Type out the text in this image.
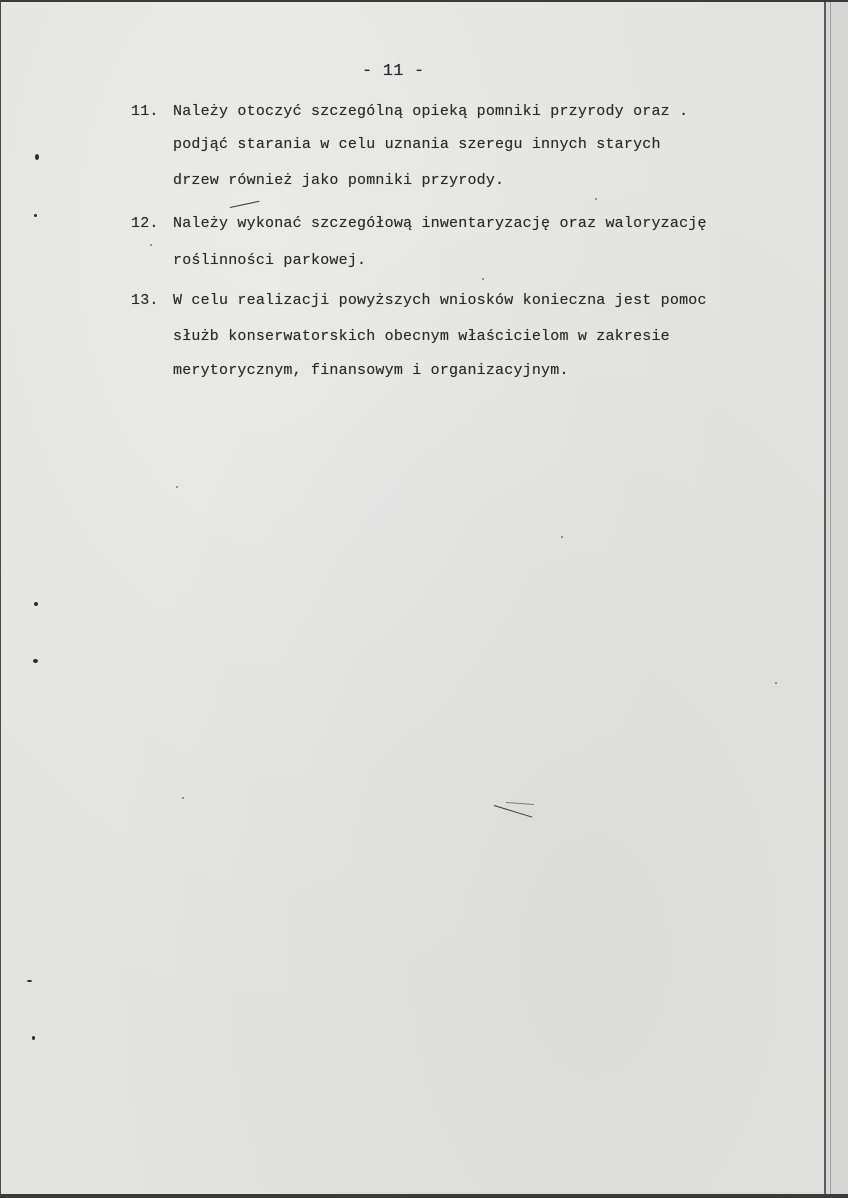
- 11 -
11. Należy otoczyć szczególną opieką pomniki przyrody oraz .
podjąć starania w celu uznania szeregu innych starych
drzew również jako pomniki przyrody.
12. Należy wykonać szczegółową inwentaryzację oraz waloryzację
roślinności parkowej.
13. W celu realizacji powyższych wniosków konieczna jest pomoc
służb konserwatorskich obecnym właścicielom w zakresie
merytorycznym, finansowym i organizacyjnym.
